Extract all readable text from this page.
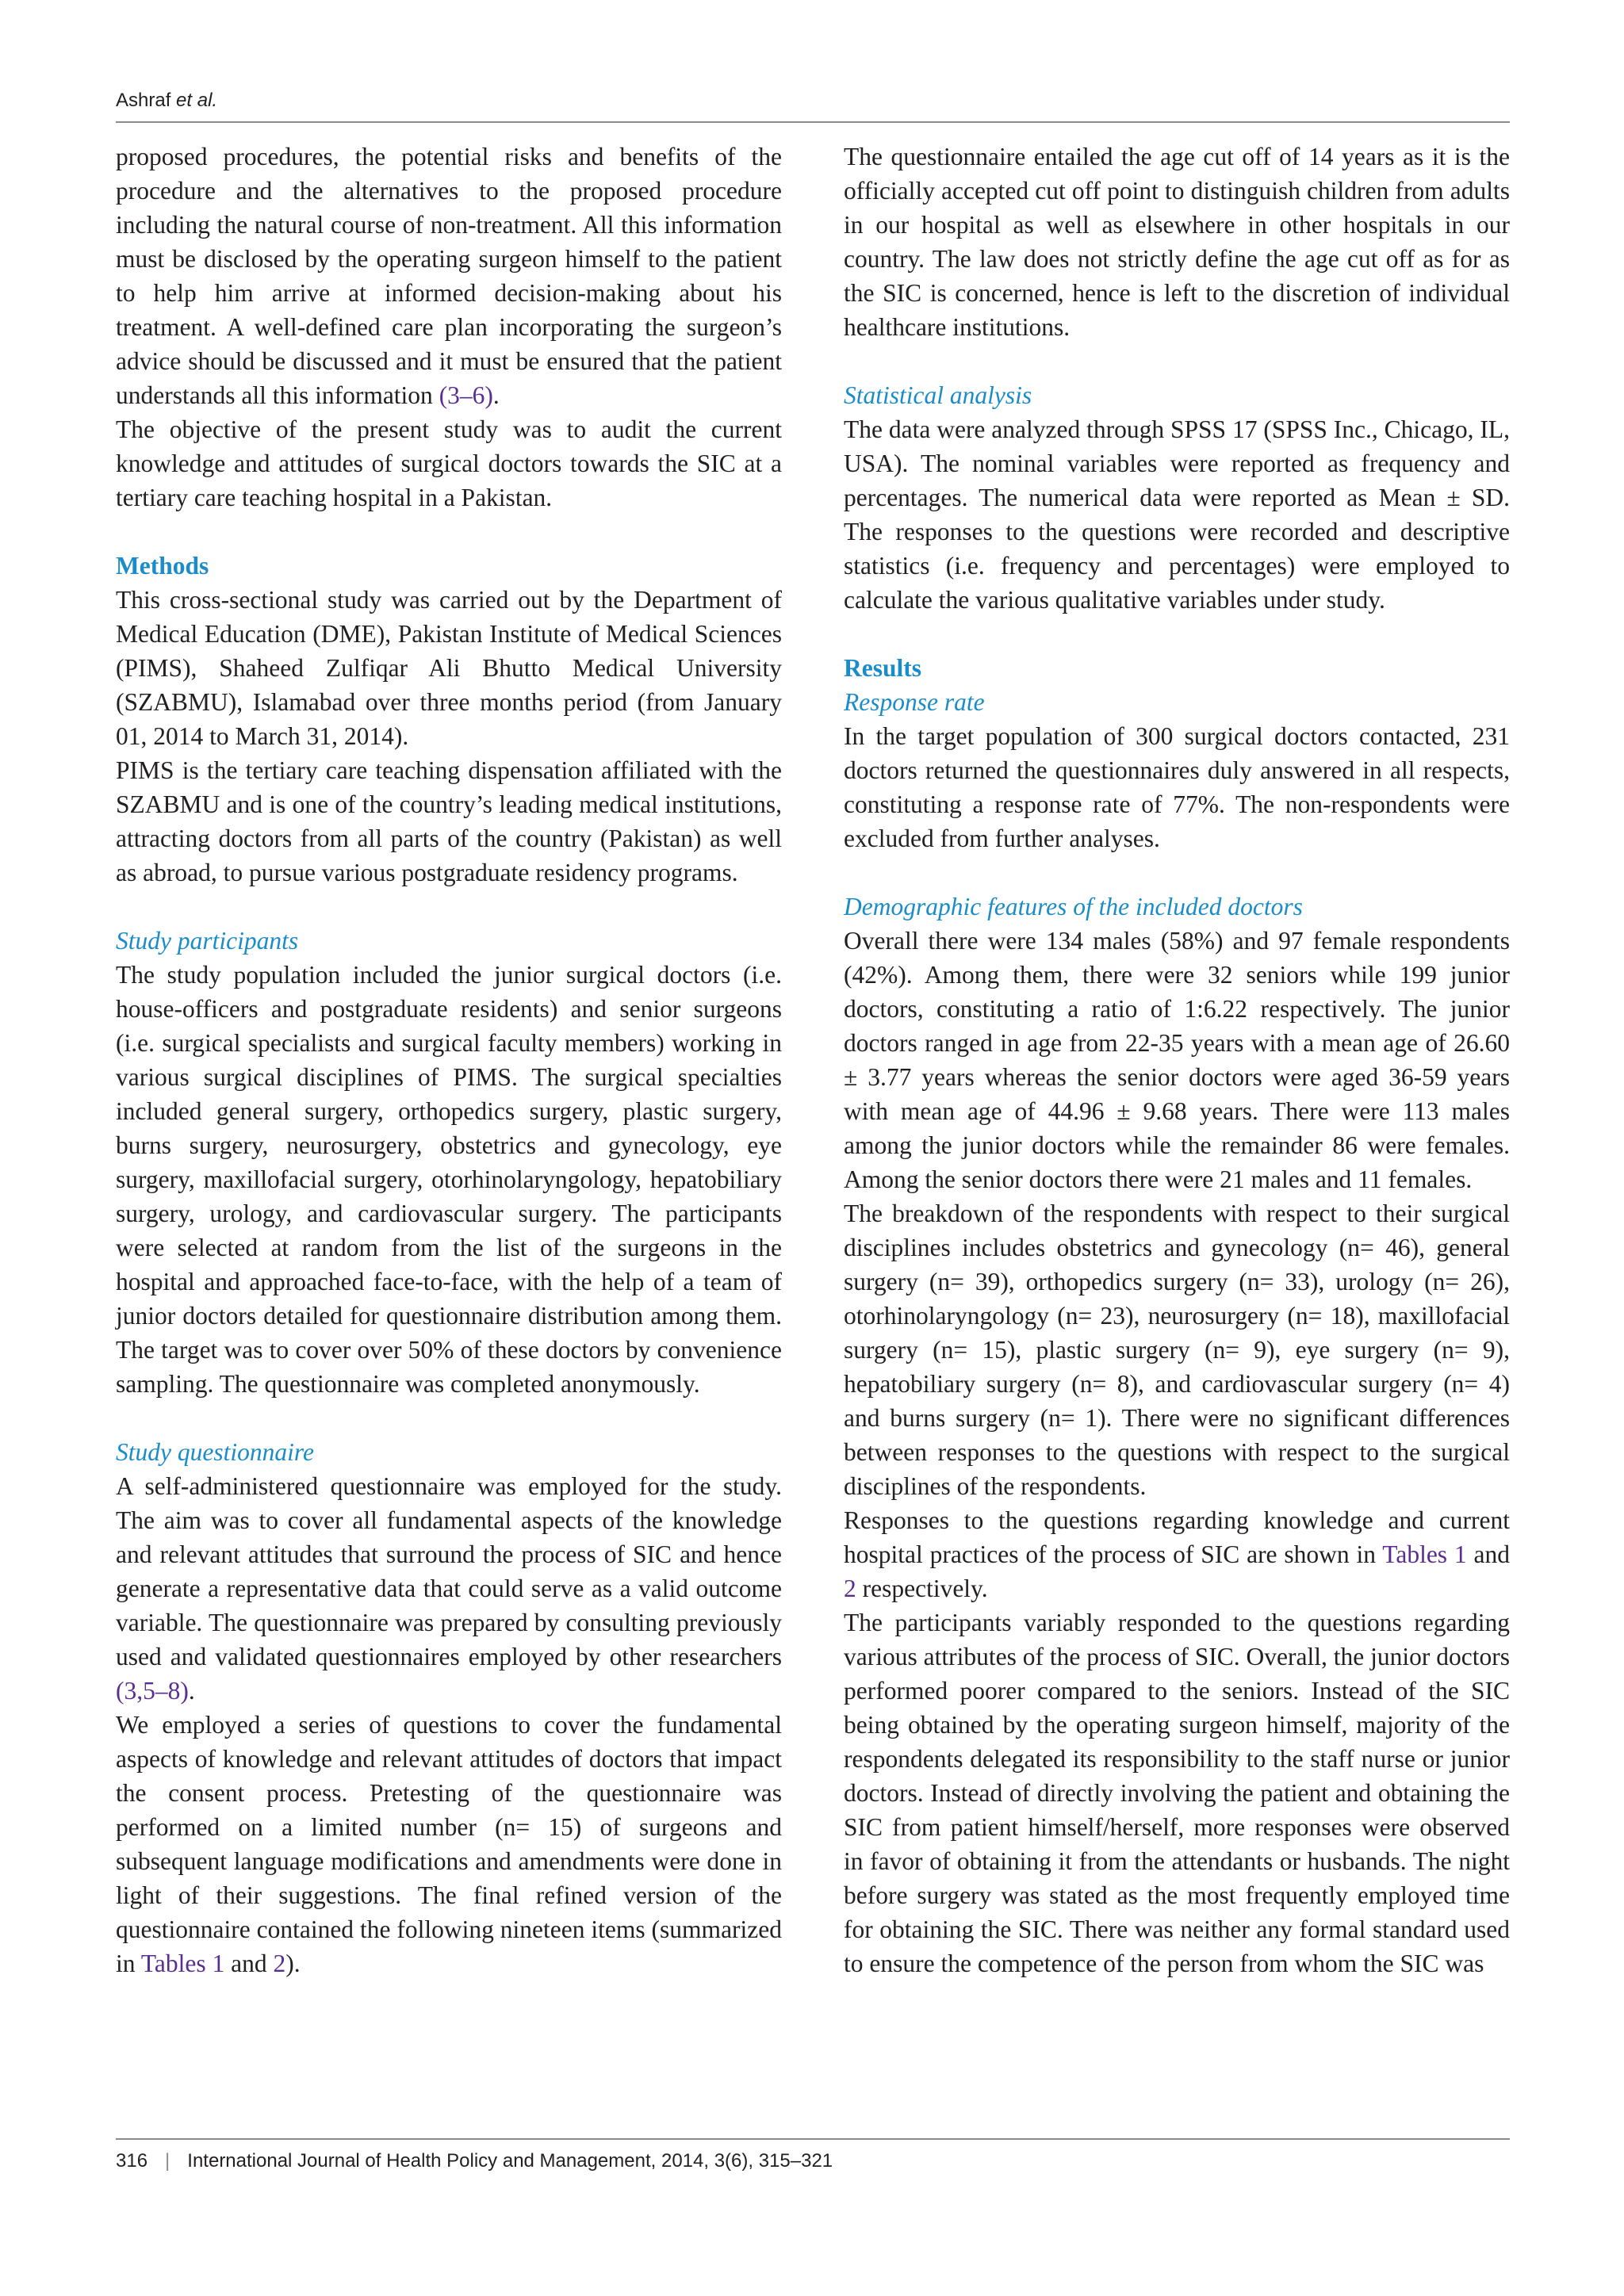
Ashraf et al.

proposed procedures, the potential risks and benefits of the procedure and the alternatives to the proposed procedure including the natural course of non-treatment. All this information must be disclosed by the operating surgeon himself to the patient to help him arrive at informed decision-making about his treatment. A well-defined care plan incorporating the surgeon’s advice should be discussed and it must be ensured that the patient understands all this information (3–6).

The objective of the present study was to audit the current knowledge and attitudes of surgical doctors towards the SIC at a tertiary care teaching hospital in a Pakistan.

Methods

This cross-sectional study was carried out by the Department of Medical Education (DME), Pakistan Institute of Medical Sciences (PIMS), Shaheed Zulfiqar Ali Bhutto Medical University (SZABMU), Islamabad over three months period (from January 01, 2014 to March 31, 2014).

PIMS is the tertiary care teaching dispensation affiliated with the SZABMU and is one of the country’s leading medical institutions, attracting doctors from all parts of the country (Pakistan) as well as abroad, to pursue various postgraduate residency programs.

Study participants

The study population included the junior surgical doctors (i.e. house-officers and postgraduate residents) and senior surgeons (i.e. surgical specialists and surgical faculty members) working in various surgical disciplines of PIMS. The surgical specialties included general surgery, orthopedics surgery, plastic surgery, burns surgery, neurosurgery, obstetrics and gynecology, eye surgery, maxillofacial surgery, otorhinolaryngology, hepatobiliary surgery, urology, and cardiovascular surgery. The participants were selected at random from the list of the surgeons in the hospital and approached face-to-face, with the help of a team of junior doctors detailed for questionnaire distribution among them. The target was to cover over 50% of these doctors by convenience sampling. The questionnaire was completed anonymously.

Study questionnaire

A self-administered questionnaire was employed for the study. The aim was to cover all fundamental aspects of the knowledge and relevant attitudes that surround the process of SIC and hence generate a representative data that could serve as a valid outcome variable. The questionnaire was prepared by consulting previously used and validated questionnaires employed by other researchers (3,5–8).

We employed a series of questions to cover the fundamental aspects of knowledge and relevant attitudes of doctors that impact the consent process. Pretesting of the questionnaire was performed on a limited number (n= 15) of surgeons and subsequent language modifications and amendments were done in light of their suggestions. The final refined version of the questionnaire contained the following nineteen items (summarized in Tables 1 and 2).

The questionnaire entailed the age cut off of 14 years as it is the officially accepted cut off point to distinguish children from adults in our hospital as well as elsewhere in other hospitals in our country. The law does not strictly define the age cut off as for as the SIC is concerned, hence is left to the discretion of individual healthcare institutions.

Statistical analysis

The data were analyzed through SPSS 17 (SPSS Inc., Chicago, IL, USA). The nominal variables were reported as frequency and percentages. The numerical data were reported as Mean ± SD. The responses to the questions were recorded and descriptive statistics (i.e. frequency and percentages) were employed to calculate the various qualitative variables under study.

Results
Response rate

In the target population of 300 surgical doctors contacted, 231 doctors returned the questionnaires duly answered in all respects, constituting a response rate of 77%. The non-respondents were excluded from further analyses.

Demographic features of the included doctors

Overall there were 134 males (58%) and 97 female respondents (42%). Among them, there were 32 seniors while 199 junior doctors, constituting a ratio of 1:6.22 respectively. The junior doctors ranged in age from 22-35 years with a mean age of 26.60 ± 3.77 years whereas the senior doctors were aged 36-59 years with mean age of 44.96 ± 9.68 years. There were 113 males among the junior doctors while the remainder 86 were females. Among the senior doctors there were 21 males and 11 females.

The breakdown of the respondents with respect to their surgical disciplines includes obstetrics and gynecology (n= 46), general surgery (n= 39), orthopedics surgery (n= 33), urology (n= 26), otorhinolaryngology (n= 23), neurosurgery (n= 18), maxillofacial surgery (n= 15), plastic surgery (n= 9), eye surgery (n= 9), hepatobiliary surgery (n= 8), and cardiovascular surgery (n= 4) and burns surgery (n= 1). There were no significant differences between responses to the questions with respect to the surgical disciplines of the respondents.

Responses to the questions regarding knowledge and current hospital practices of the process of SIC are shown in Tables 1 and 2 respectively.

The participants variably responded to the questions regarding various attributes of the process of SIC. Overall, the junior doctors performed poorer compared to the seniors. Instead of the SIC being obtained by the operating surgeon himself, majority of the respondents delegated its responsibility to the staff nurse or junior doctors. Instead of directly involving the patient and obtaining the SIC from patient himself/herself, more responses were observed in favor of obtaining it from the attendants or husbands. The night before surgery was stated as the most frequently employed time for obtaining the SIC. There was neither any formal standard used to ensure the competence of the person from whom the SIC was

316 | International Journal of Health Policy and Management, 2014, 3(6), 315–321
